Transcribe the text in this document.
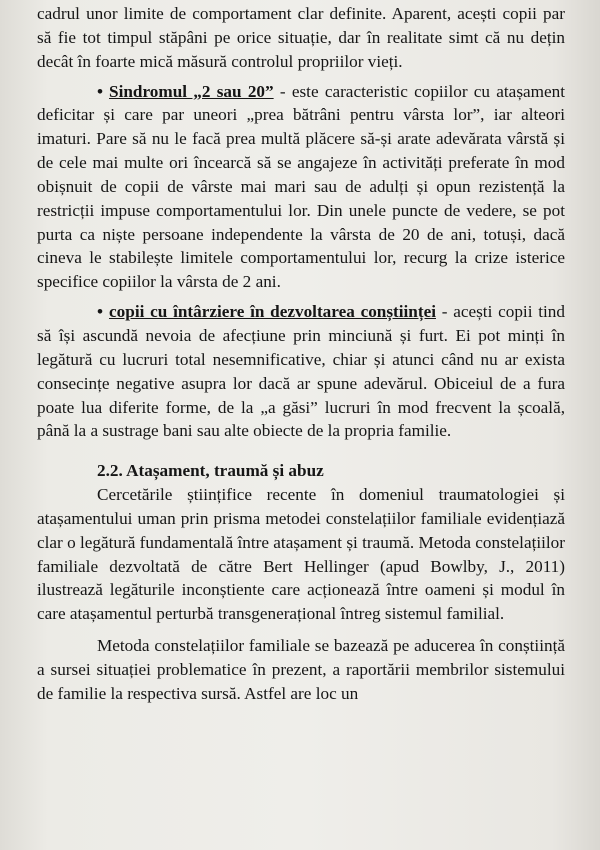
cadrul unor limite de comportament clar definite. Aparent, acești copii par să fie tot timpul stăpâni pe orice situație, dar în realitate simt că nu dețin decât în foarte mică măsură controlul propriilor vieți.

• Sindromul „2 sau 20” - este caracteristic copiilor cu atașament deficitar și care par uneori „prea bătrâni pentru vârsta lor”, iar alteori imaturi. Pare să nu le facă prea multă plăcere să-și arate adevărata vârstă și de cele mai multe ori încearcă să se angajeze în activități preferate în mod obișnuit de copii de vârste mai mari sau de adulți și opun rezistență la restricții impuse comportamentului lor. Din unele puncte de vedere, se pot purta ca niște persoane independente la vârsta de 20 de ani, totuși, dacă cineva le stabilește limitele comportamentului lor, recurg la crize isterice specifice copiilor la vârsta de 2 ani.

• copii cu întârziere în dezvoltarea conștiinței - acești copii tind să își ascundă nevoia de afecțiune prin minciună și furt. Ei pot minți în legătură cu lucruri total nesemnificative, chiar și atunci când nu ar exista consecințe negative asupra lor dacă ar spune adevărul. Obiceiul de a fura poate lua diferite forme, de la „a găsi” lucruri în mod frecvent la școală, până la a sustrage bani sau alte obiecte de la propria familie.

2.2. Atașament, traumă și abuz

Cercetările științifice recente în domeniul traumatologiei și atașamentului uman prin prisma metodei constelațiilor familiale evidențiază clar o legătură fundamentală între atașament și traumă. Metoda constelațiilor familiale dezvoltată de către Bert Hellinger (apud Bowlby, J., 2011) ilustrează legăturile inconștiente care acționează între oameni și modul în care atașamentul perturbă transgenerațional întreg sistemul familial.

Metoda constelațiilor familiale se bazează pe aducerea în conștiință a sursei situației problematice în prezent, a raportării membrilor sistemului de familie la respectiva sursă. Astfel are loc un
